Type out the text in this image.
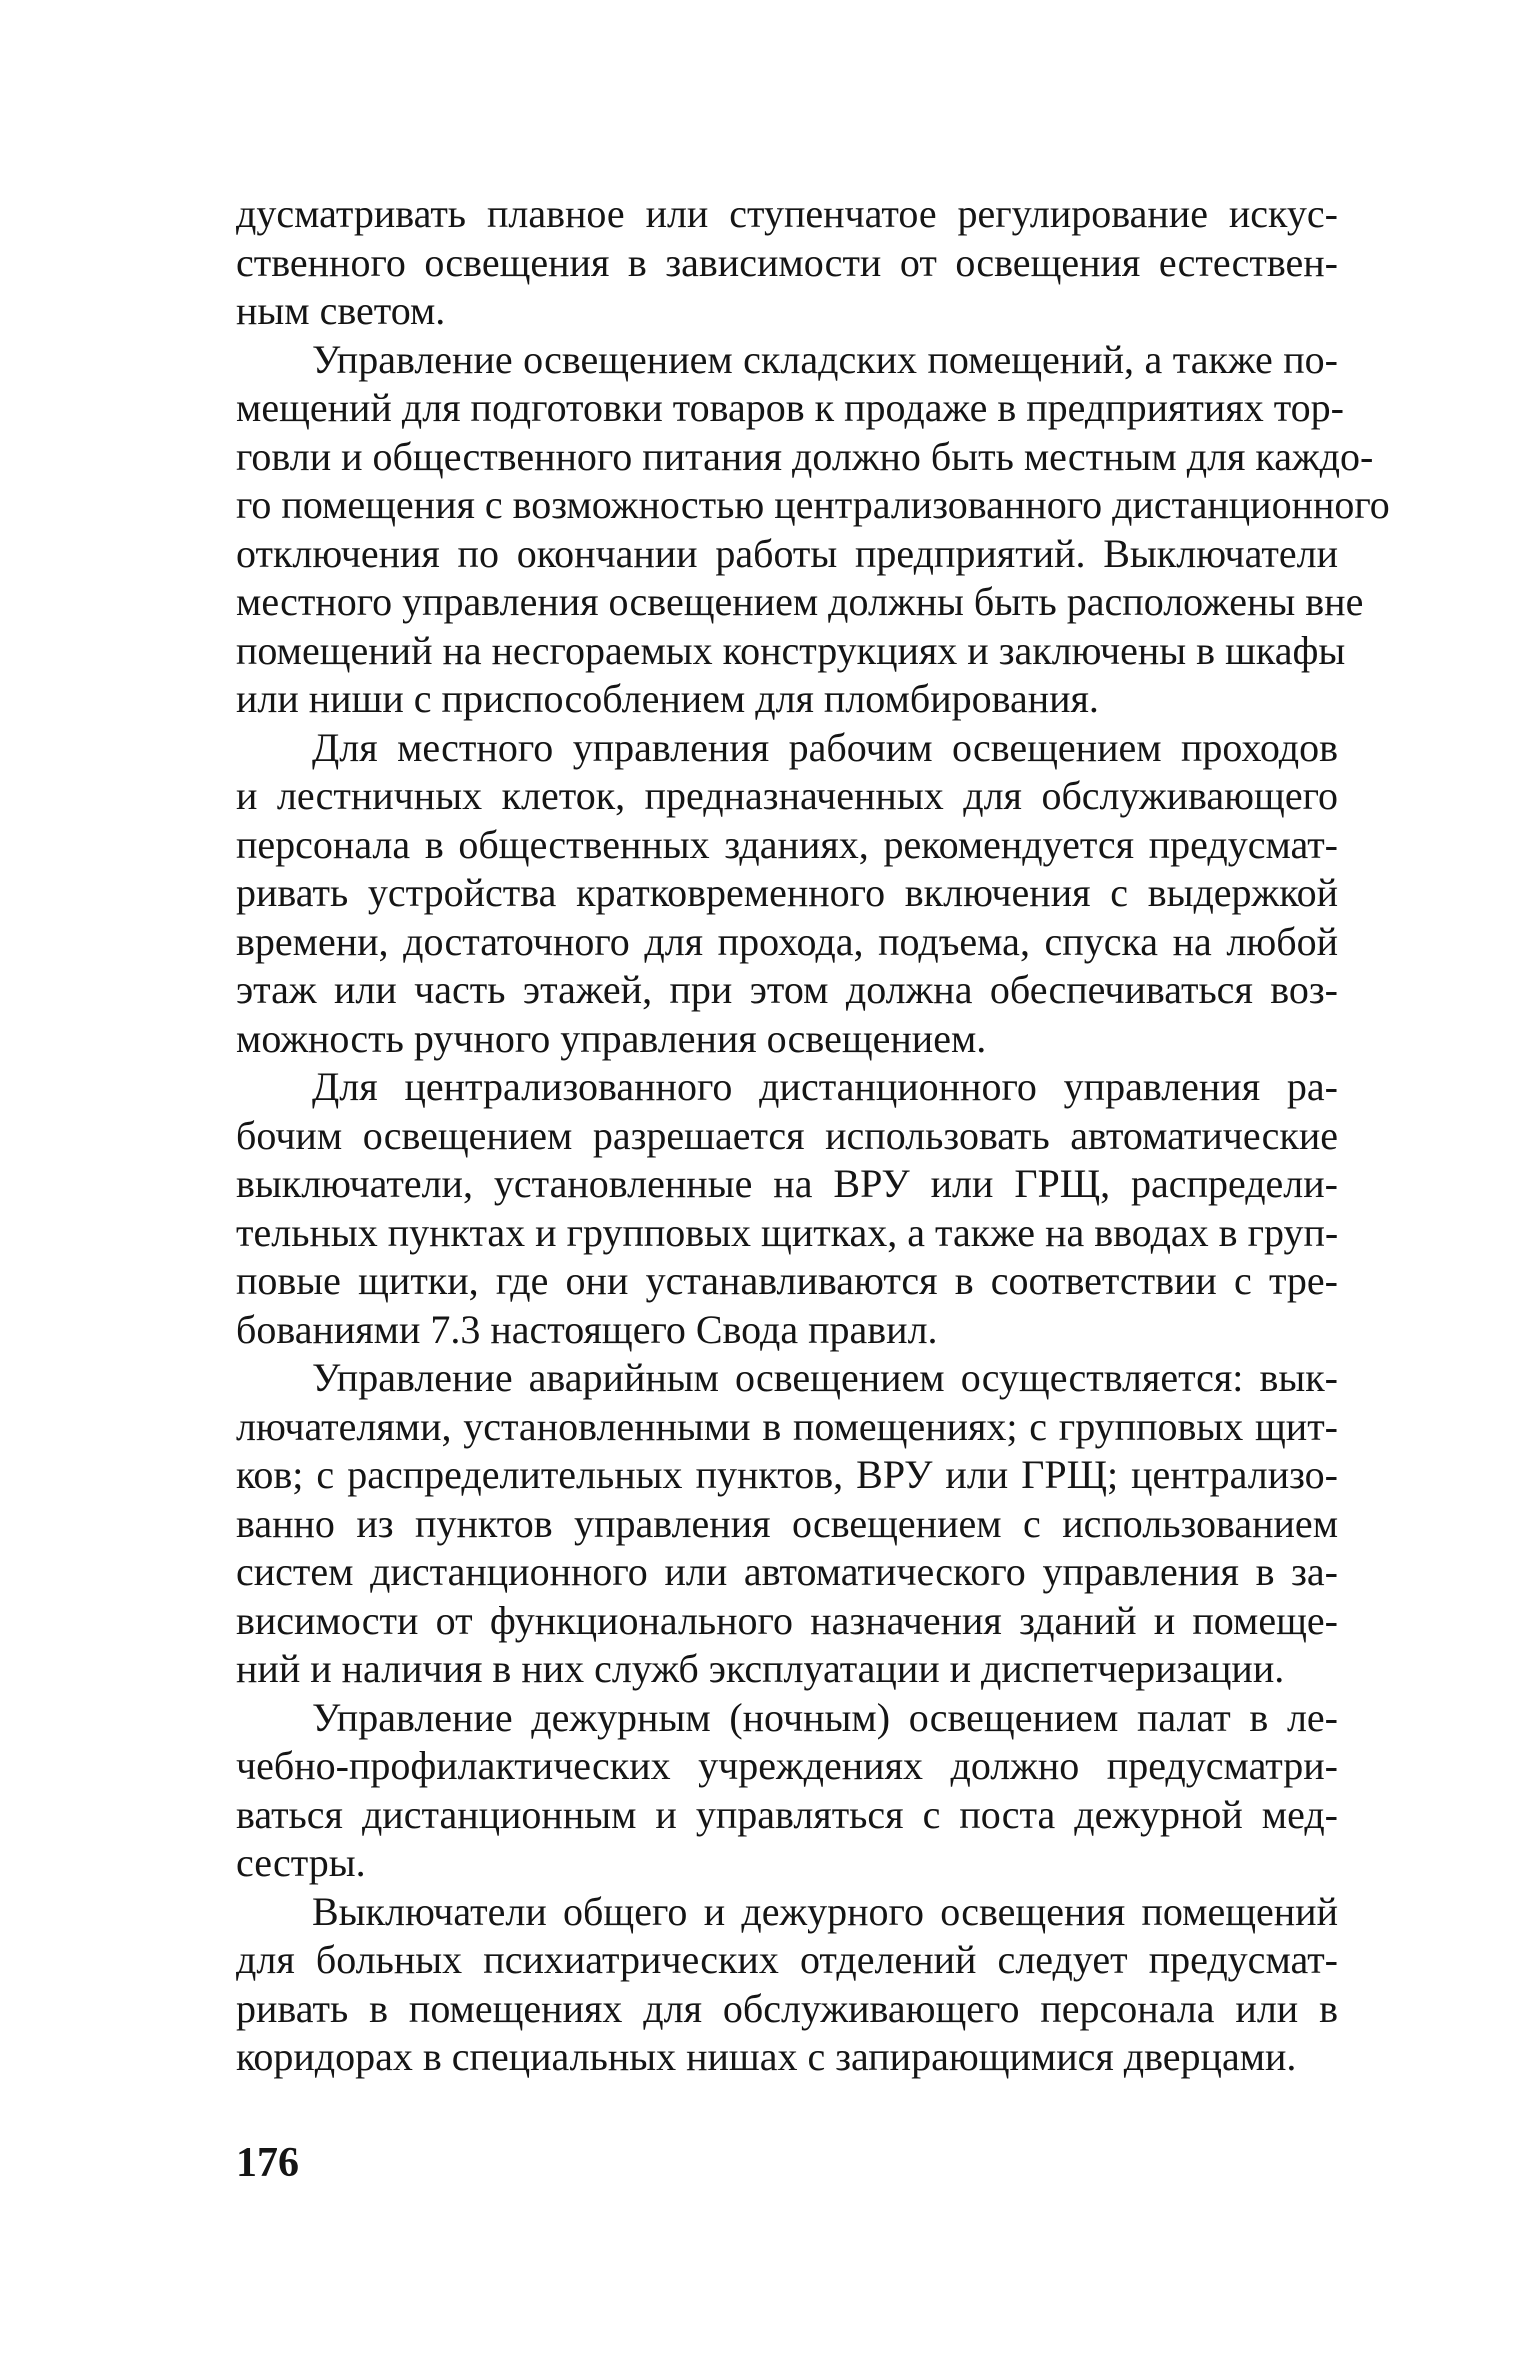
дусматривать плавное или ступенчатое регулирование искус-
ственного освещения в зависимости от освещения естествен-
ным светом.
Управление освещением складских помещений, а также по-
мещений для подготовки товаров к продаже в предприятиях тор-
говли и общественного питания должно быть местным для каждо-
го помещения с возможностью централизованного дистанционного
отключения по окончании работы предприятий. Выключатели
местного управления освещением должны быть расположены вне
помещений на несгораемых конструкциях и заключены в шкафы
или ниши с приспособлением для пломбирования.
Для местного управления рабочим освещением проходов
и лестничных клеток, предназначенных для обслуживающего
персонала в общественных зданиях, рекомендуется предусмат-
ривать устройства кратковременного включения с выдержкой
времени, достаточного для прохода, подъема, спуска на любой
этаж или часть этажей, при этом должна обеспечиваться воз-
можность ручного управления освещением.
Для централизованного дистанционного управления ра-
бочим освещением разрешается использовать автоматические
выключатели, установленные на ВРУ или ГРЩ, распредели-
тельных пунктах и групповых щитках, а также на вводах в груп-
повые щитки, где они устанавливаются в соответствии с тре-
бованиями 7.3 настоящего Свода правил.
Управление аварийным освещением осуществляется: вык-
лючателями, установленными в помещениях; с групповых щит-
ков; с распределительных пунктов, ВРУ или ГРЩ; централизо-
ванно из пунктов управления освещением с использованием
систем дистанционного или автоматического управления в за-
висимости от функционального назначения зданий и помеще-
ний и наличия в них служб эксплуатации и диспетчеризации.
Управление дежурным (ночным) освещением палат в ле-
чебно-профилактических учреждениях должно предусматри-
ваться дистанционным и управляться с поста дежурной мед-
сестры.
Выключатели общего и дежурного освещения помещений
для больных психиатрических отделений следует предусмат-
ривать в помещениях для обслуживающего персонала или в
коридорах в специальных нишах с запирающимися дверцами.
176
